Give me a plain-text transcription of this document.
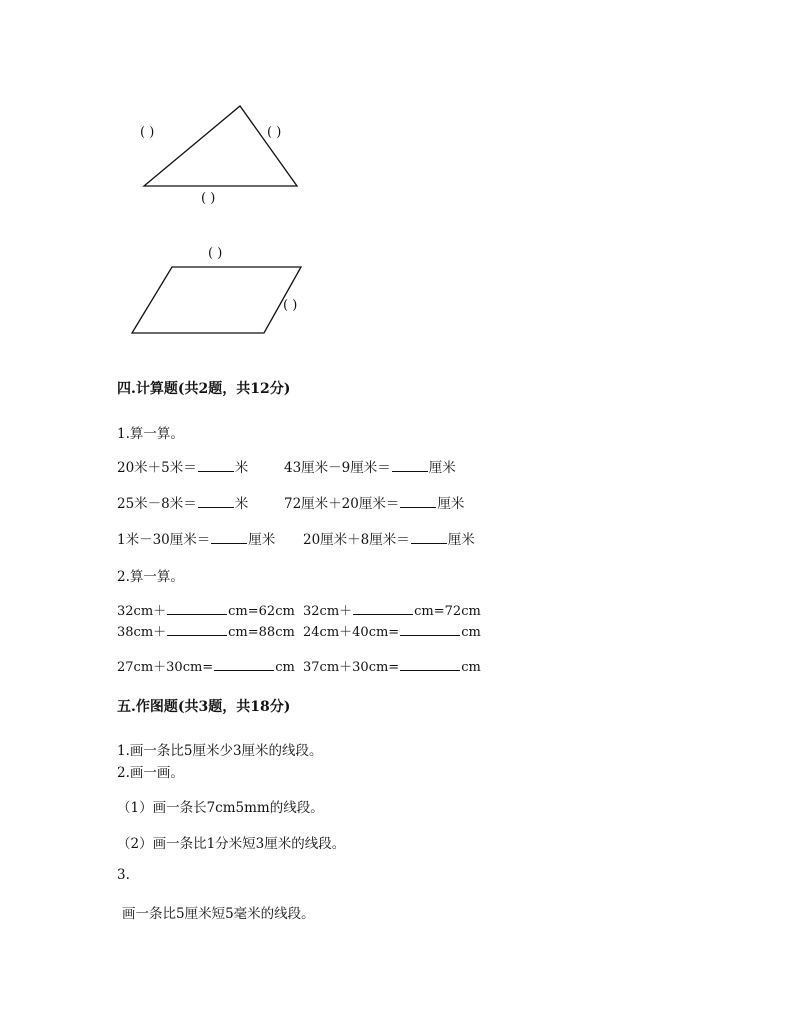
( )	( )
( )
( )
( )
四.计算题(共2题，共12分)
1.算一算。
20米＋5米＝	米	43厘米－9厘米＝	厘米
25米－8米＝	米	72厘米＋20厘米＝	厘米
1米－30厘米＝	厘米 20厘米＋8厘米＝	厘米
2.算一算。
32cm＋	cm=62cm 32cm＋	cm=72cm
38cm＋	cm=88cm 24cm＋40cm=	cm
27cm＋30cm=	cm 37cm＋30cm=	cm
五.作图题(共3题，共18分)
1.画一条比5厘米少3厘米的线段。
2.画一画。
（1）画一条长7cm5mm的线段。
（2）画一条比1分米短3厘米的线段。
3.
画一条比5厘米短5毫米的线段。
